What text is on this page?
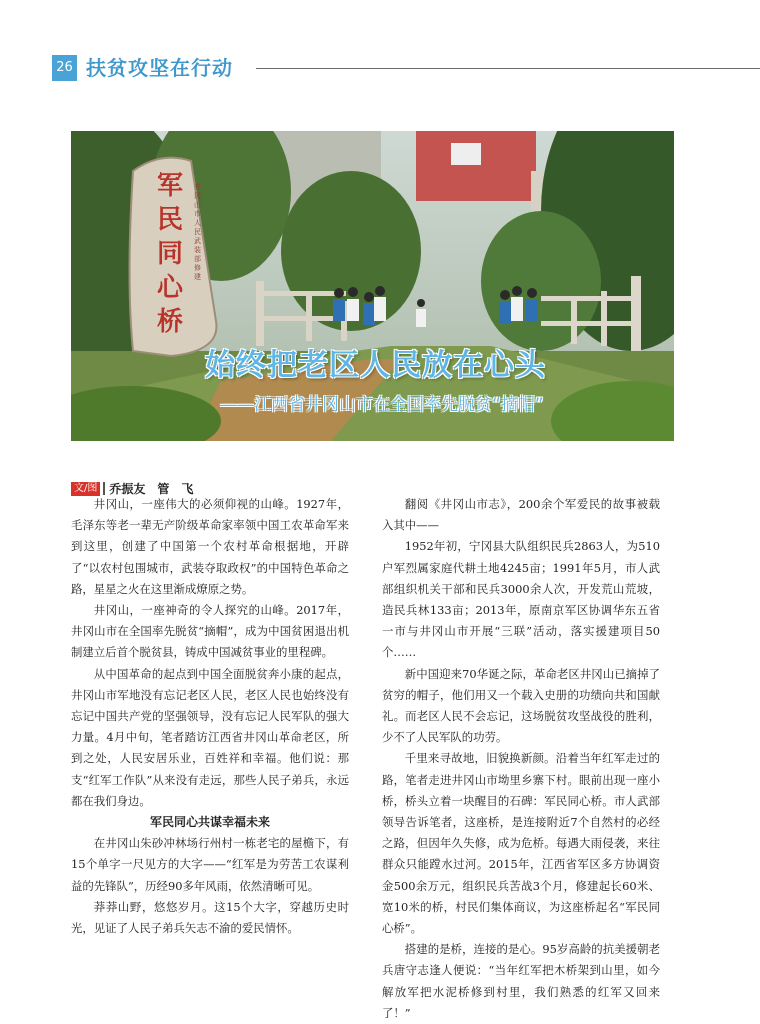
26 扶贫攻坚在行动
军民同心桥
井冈山市人民武装部 修建
始终把老区人民放在心头
——江西省井冈山市在全国率先脱贫“摘帽”
文/图 乔振友　管　飞

井冈山，一座伟大的必须仰视的山峰。1927年，毛泽东等老一辈无产阶级革命家率领中国工农革命军来到这里，创建了中国第一个农村革命根据地，开辟了“以农村包围城市，武装夺取政权”的中国特色革命之路，星星之火在这里渐成燎原之势。

井冈山，一座神奇的令人探究的山峰。2017年，井冈山市在全国率先脱贫“摘帽”，成为中国贫困退出机制建立后首个脱贫县，铸成中国减贫事业的里程碑。

从中国革命的起点到中国全面脱贫奔小康的起点，井冈山市军地没有忘记老区人民，老区人民也始终没有忘记中国共产党的坚强领导，没有忘记人民军队的强大力量。4月中旬，笔者踏访江西省井冈山革命老区，所到之处，人民安居乐业，百姓祥和幸福。他们说：那支“红军工作队”从来没有走远，那些人民子弟兵，永远都在我们身边。

军民同心共谋幸福未来

在井冈山朱砂冲林场行州村一栋老宅的屋檐下，有15个单字一尺见方的大字——“红军是为劳苦工农谋利益的先锋队”，历经90多年风雨，依然清晰可见。

莽莽山野，悠悠岁月。这15个大字，穿越历史时光，见证了人民子弟兵矢志不渝的爱民情怀。

翻阅《井冈山市志》，200余个军爱民的故事被载入其中——

1952年初，宁冈县大队组织民兵2863人，为510户军烈属家庭代耕土地4245亩；1991年5月，市人武部组织机关干部和民兵3000余人次，开发荒山荒坡，造民兵林133亩；2013年，原南京军区协调华东五省一市与井冈山市开展“三联”活动，落实援建项目50个……

新中国迎来70华诞之际，革命老区井冈山已摘掉了贫穷的帽子，他们用又一个载入史册的功绩向共和国献礼。而老区人民不会忘记，这场脱贫攻坚战役的胜利，少不了人民军队的功劳。

千里来寻故地，旧貌换新颜。沿着当年红军走过的路，笔者走进井冈山市坳里乡寨下村。眼前出现一座小桥，桥头立着一块醒目的石碑：军民同心桥。市人武部领导告诉笔者，这座桥，是连接附近7个自然村的必经之路，但因年久失修，成为危桥。每遇大雨侵袭，来往群众只能蹚水过河。2015年，江西省军区多方协调资金500余万元，组织民兵苦战3个月，修建起长60米、宽10米的桥，村民们集体商议，为这座桥起名“军民同心桥”。

搭建的是桥，连接的是心。95岁高龄的抗美援朝老兵唐守志逢人便说：“当年红军把木桥架到山里，如今解放军把水泥桥修到村里，我们熟悉的红军又回来了！”
